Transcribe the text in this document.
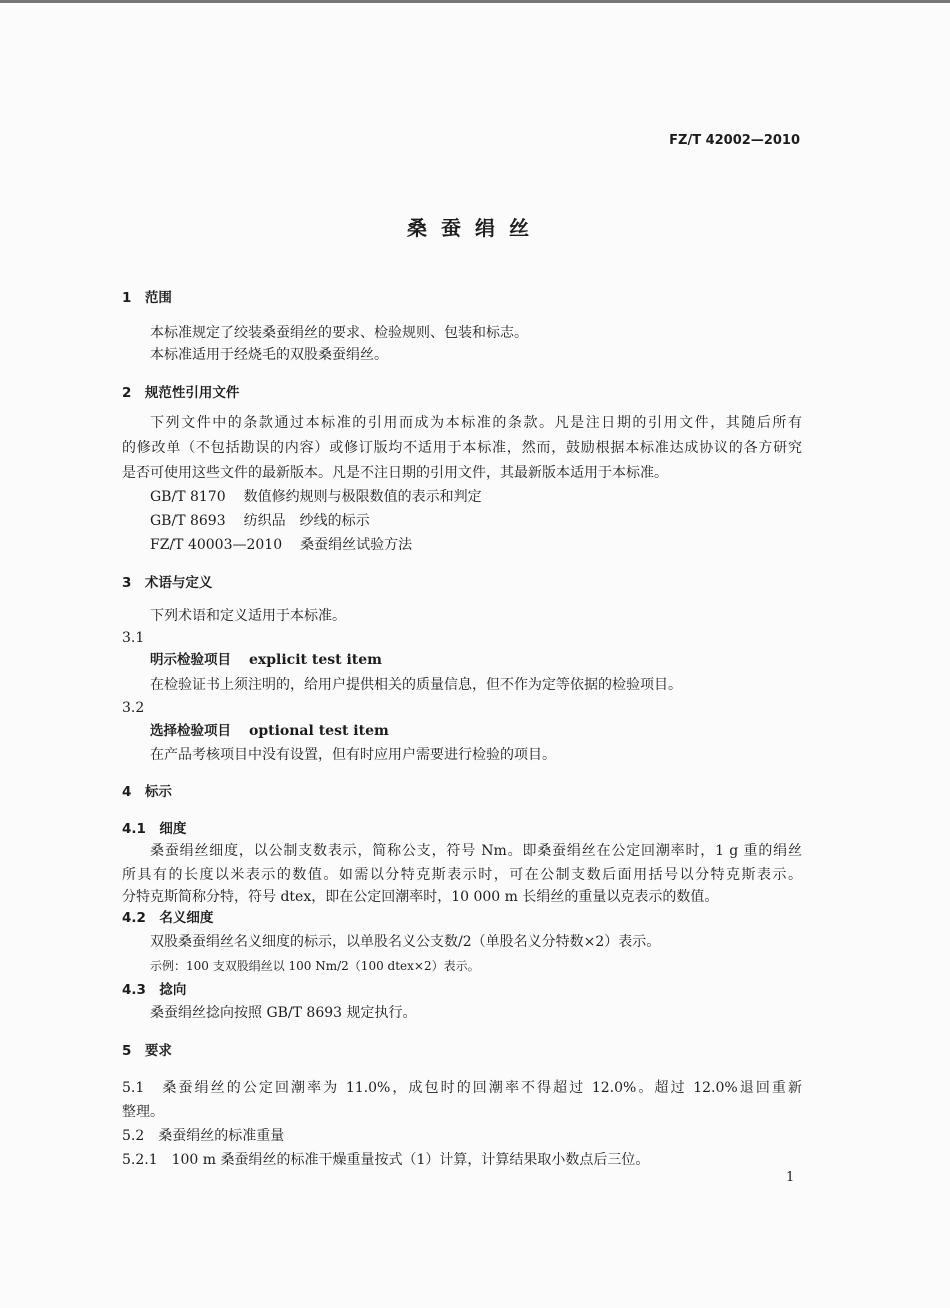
FZ/T 42002—2010
桑蚕绢丝
1　范围
本标准规定了绞装桑蚕绢丝的要求、检验规则、包装和标志。
本标准适用于经烧毛的双股桑蚕绢丝。
2　规范性引用文件
下列文件中的条款通过本标准的引用而成为本标准的条款。凡是注日期的引用文件，其随后所有
的修改单（不包括勘误的内容）或修订版均不适用于本标准，然而，鼓励根据本标准达成协议的各方研究
是否可使用这些文件的最新版本。凡是不注日期的引用文件，其最新版本适用于本标准。
GB/T 8170 数值修约规则与极限数值的表示和判定
GB/T 8693 纺织品　纱线的标示
FZ/T 40003—2010 桑蚕绢丝试验方法
3　术语与定义
下列术语和定义适用于本标准。
3.1
明示检验项目 explicit test item
在检验证书上须注明的，给用户提供相关的质量信息，但不作为定等依据的检验项目。
3.2
选择检验项目 optional test item
在产品考核项目中没有设置，但有时应用户需要进行检验的项目。
4　标示
4.1　细度
桑蚕绢丝细度，以公制支数表示，简称公支，符号 Nm。即桑蚕绢丝在公定回潮率时，1 g 重的绢丝
所具有的长度以米表示的数值。如需以分特克斯表示时，可在公制支数后面用括号以分特克斯表示。
分特克斯简称分特，符号 dtex，即在公定回潮率时，10 000 m 长绢丝的重量以克表示的数值。
4.2　名义细度
双股桑蚕绢丝名义细度的标示，以单股名义公支数/2（单股名义分特数×2）表示。
示例：100 支双股绢丝以 100 Nm/2（100 dtex×2）表示。
4.3　捻向
桑蚕绢丝捻向按照 GB/T 8693 规定执行。
5　要求
5.1　桑蚕绢丝的公定回潮率为 11.0%，成包时的回潮率不得超过 12.0%。超过 12.0%退回重新
整理。
5.2　桑蚕绢丝的标准重量
5.2.1　100 m 桑蚕绢丝的标准干燥重量按式（1）计算，计算结果取小数点后三位。
1
